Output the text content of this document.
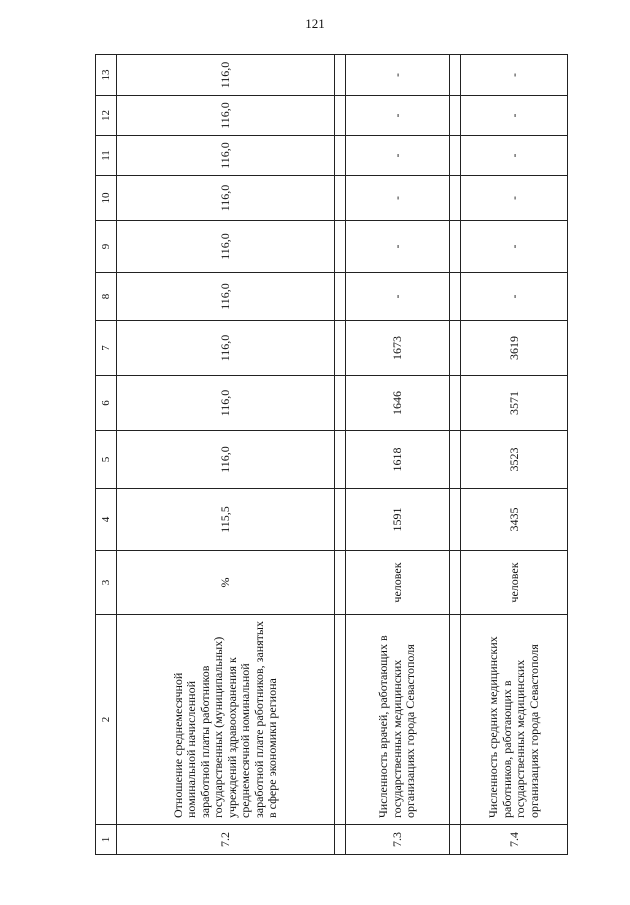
121
1	2	3	4	5	6	7	8	9	10	11	12	13
7.2	Отношение среднемесячной номинальной начисленной заработной платы работников государственных (муниципальных) учреждений здравоохранения к среднемесячной номинальной заработной плате работников, занятых в сфере экономики региона	%	115,5	116,0	116,0	116,0	116,0	116,0	116,0	116,0	116,0	116,0

7.3	Численность врачей, работающих в государственных медицинских организациях города Севастополя	человек	1591	1618	1646	1673	-	-	-	-	-	-

7.4	Численность средних медицинских работников, работающих в государственных медицинских организациях города Севастополя	человек	3435	3523	3571	3619	-	-	-	-	-	-
